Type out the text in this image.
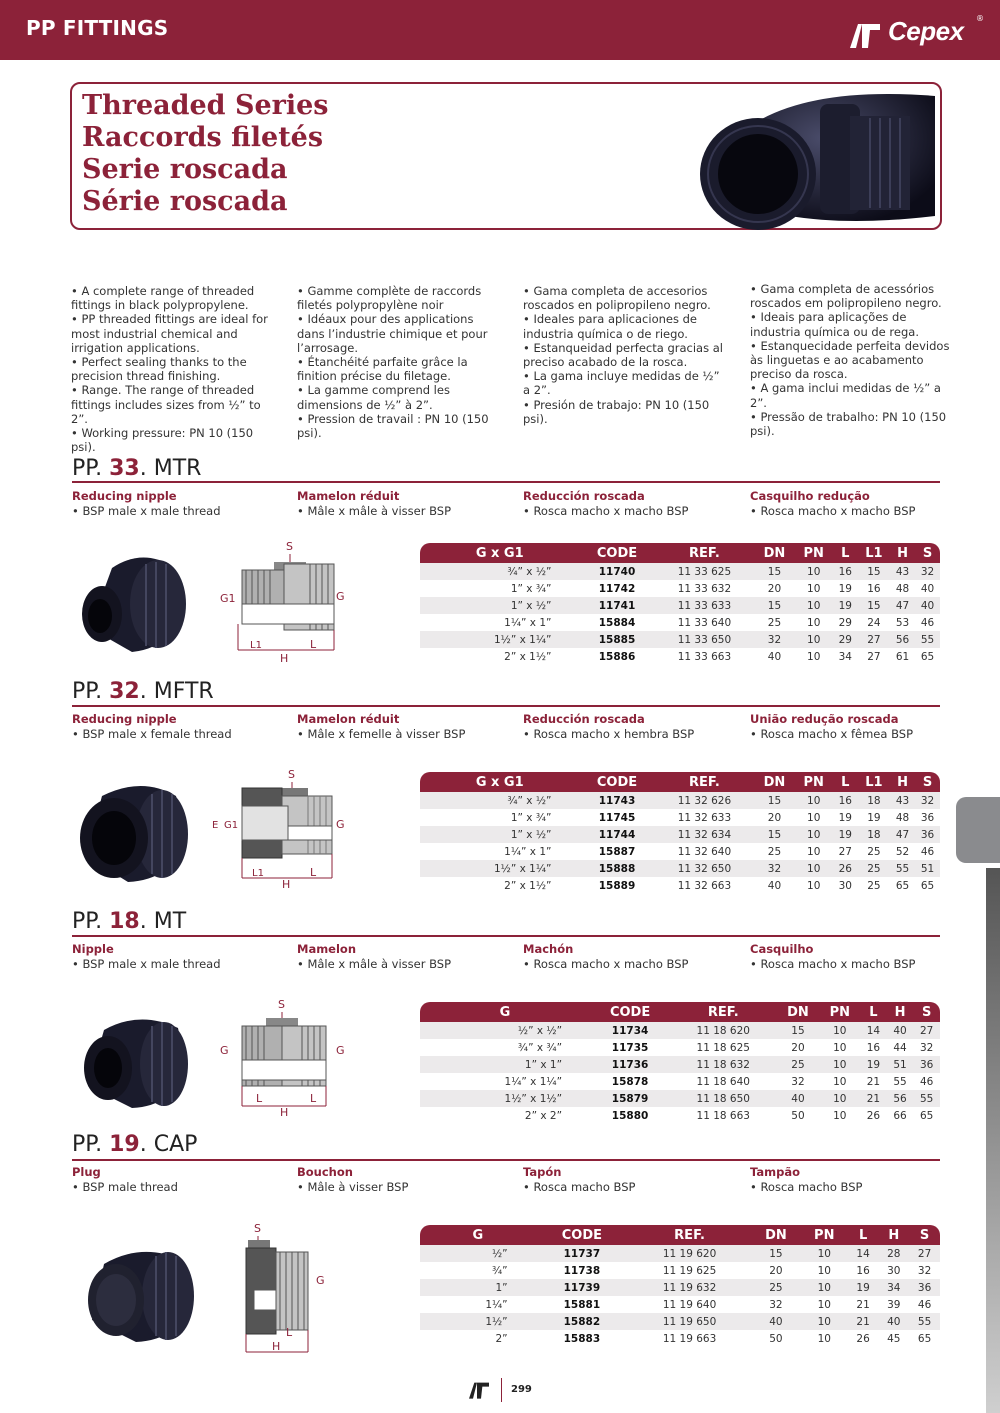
PP FITTINGS	Cepex ®
Threaded Series
Raccords filetés
Serie roscada
Série roscada
• A complete range of threaded fittings in black polypropylene.
• PP threaded fittings are ideal for most industrial chemical and irrigation applications.
• Perfect sealing thanks to the precision thread finishing.
• Range. The range of threaded fittings includes sizes from ½” to 2”.
• Working pressure: PN 10 (150 psi).
• Gamme complète de raccords filetés polypropylène noir
• Idéaux pour des applications dans l’industrie chimique et pour l’arrosage.
• Étanchéité parfaite grâce la finition précise du filetage.
• La gamme comprend les dimensions de ½” à 2”.
• Pression de travail : PN 10 (150 psi).
• Gama completa de accesorios roscados en polipropileno negro.
• Ideales para aplicaciones de industria química o de riego.
• Estanqueidad perfecta gracias al preciso acabado de la rosca.
• La gama incluye medidas de ½” a 2”.
• Presión de trabajo: PN 10 (150 psi).
• Gama completa de acessórios roscados em polipropileno negro.
• Ideais para aplicações de industria química ou de rega.
• Estanquecidade perfeita devidos às linguetas e ao acabamento preciso da rosca.
• A gama inclui medidas de ½” a 2”.
• Pressão de trabalho: PN 10 (150 psi).
PP. 33. MTR
Reducing nipple
• BSP male x male thread
Mamelon réduit
• Mâle x mâle à visser BSP
Reducción roscada
• Rosca macho x macho BSP
Casquilho redução
• Rosca macho x macho BSP
S
G1	G
L1	L
H
G x G1	CODE	REF.	DN	PN	L	L1	H	S
¾” x ½”	11740	11 33 625	15	10	16	15	43	32
1” x ¾”	11742	11 33 632	20	10	19	16	48	40
1” x ½”	11741	11 33 633	15	10	19	15	47	40
1¼” x 1”	15884	11 33 640	25	10	29	24	53	46
1½” x 1¼”	15885	11 33 650	32	10	29	27	56	55
2” x 1½”	15886	11 33 663	40	10	34	27	61	65
PP. 32. MFTR
Reducing nipple
• BSP male x female thread
Mamelon réduit
• Mâle x femelle à visser BSP
Reducción roscada
• Rosca macho x hembra BSP
União redução roscada
• Rosca macho x fêmea BSP
S
E G1	G
L1	L
H
G x G1	CODE	REF.	DN	PN	L	L1	H	S
¾” x ½”	11743	11 32 626	15	10	16	18	43	32
1” x ¾”	11745	11 32 633	20	10	19	19	48	36
1” x ½”	11744	11 32 634	15	10	19	18	47	36
1¼” x 1”	15887	11 32 640	25	10	27	25	52	46
1½” x 1¼”	15888	11 32 650	32	10	26	25	55	51
2” x 1½”	15889	11 32 663	40	10	30	25	65	65
PP. 18. MT
Nipple
• BSP male x male thread
Mamelon
• Mâle x mâle à visser BSP
Machón
• Rosca macho x macho BSP
Casquilho
• Rosca macho x macho BSP
S
G	G
L	L
H
G	CODE	REF.	DN	PN	L	H	S
½” x ½”	11734	11 18 620	15	10	14	40	27
¾” x ¾”	11735	11 18 625	20	10	16	44	32
1” x 1”	11736	11 18 632	25	10	19	51	36
1¼” x 1¼”	15878	11 18 640	32	10	21	55	46
1½” x 1½”	15879	11 18 650	40	10	21	56	55
2” x 2”	15880	11 18 663	50	10	26	66	65
PP. 19. CAP
Plug
• BSP male thread
Bouchon
• Mâle à visser BSP
Tapón
• Rosca macho BSP
Tampão
• Rosca macho BSP
S
G
L
H
G	CODE	REF.	DN	PN	L	H	S
½”	11737	11 19 620	15	10	14	28	27
¾”	11738	11 19 625	20	10	16	30	32
1”	11739	11 19 632	25	10	19	34	36
1¼”	15881	11 19 640	32	10	21	39	46
1½”	15882	11 19 650	40	10	21	40	55
2”	15883	11 19 663	50	10	26	45	65
299
